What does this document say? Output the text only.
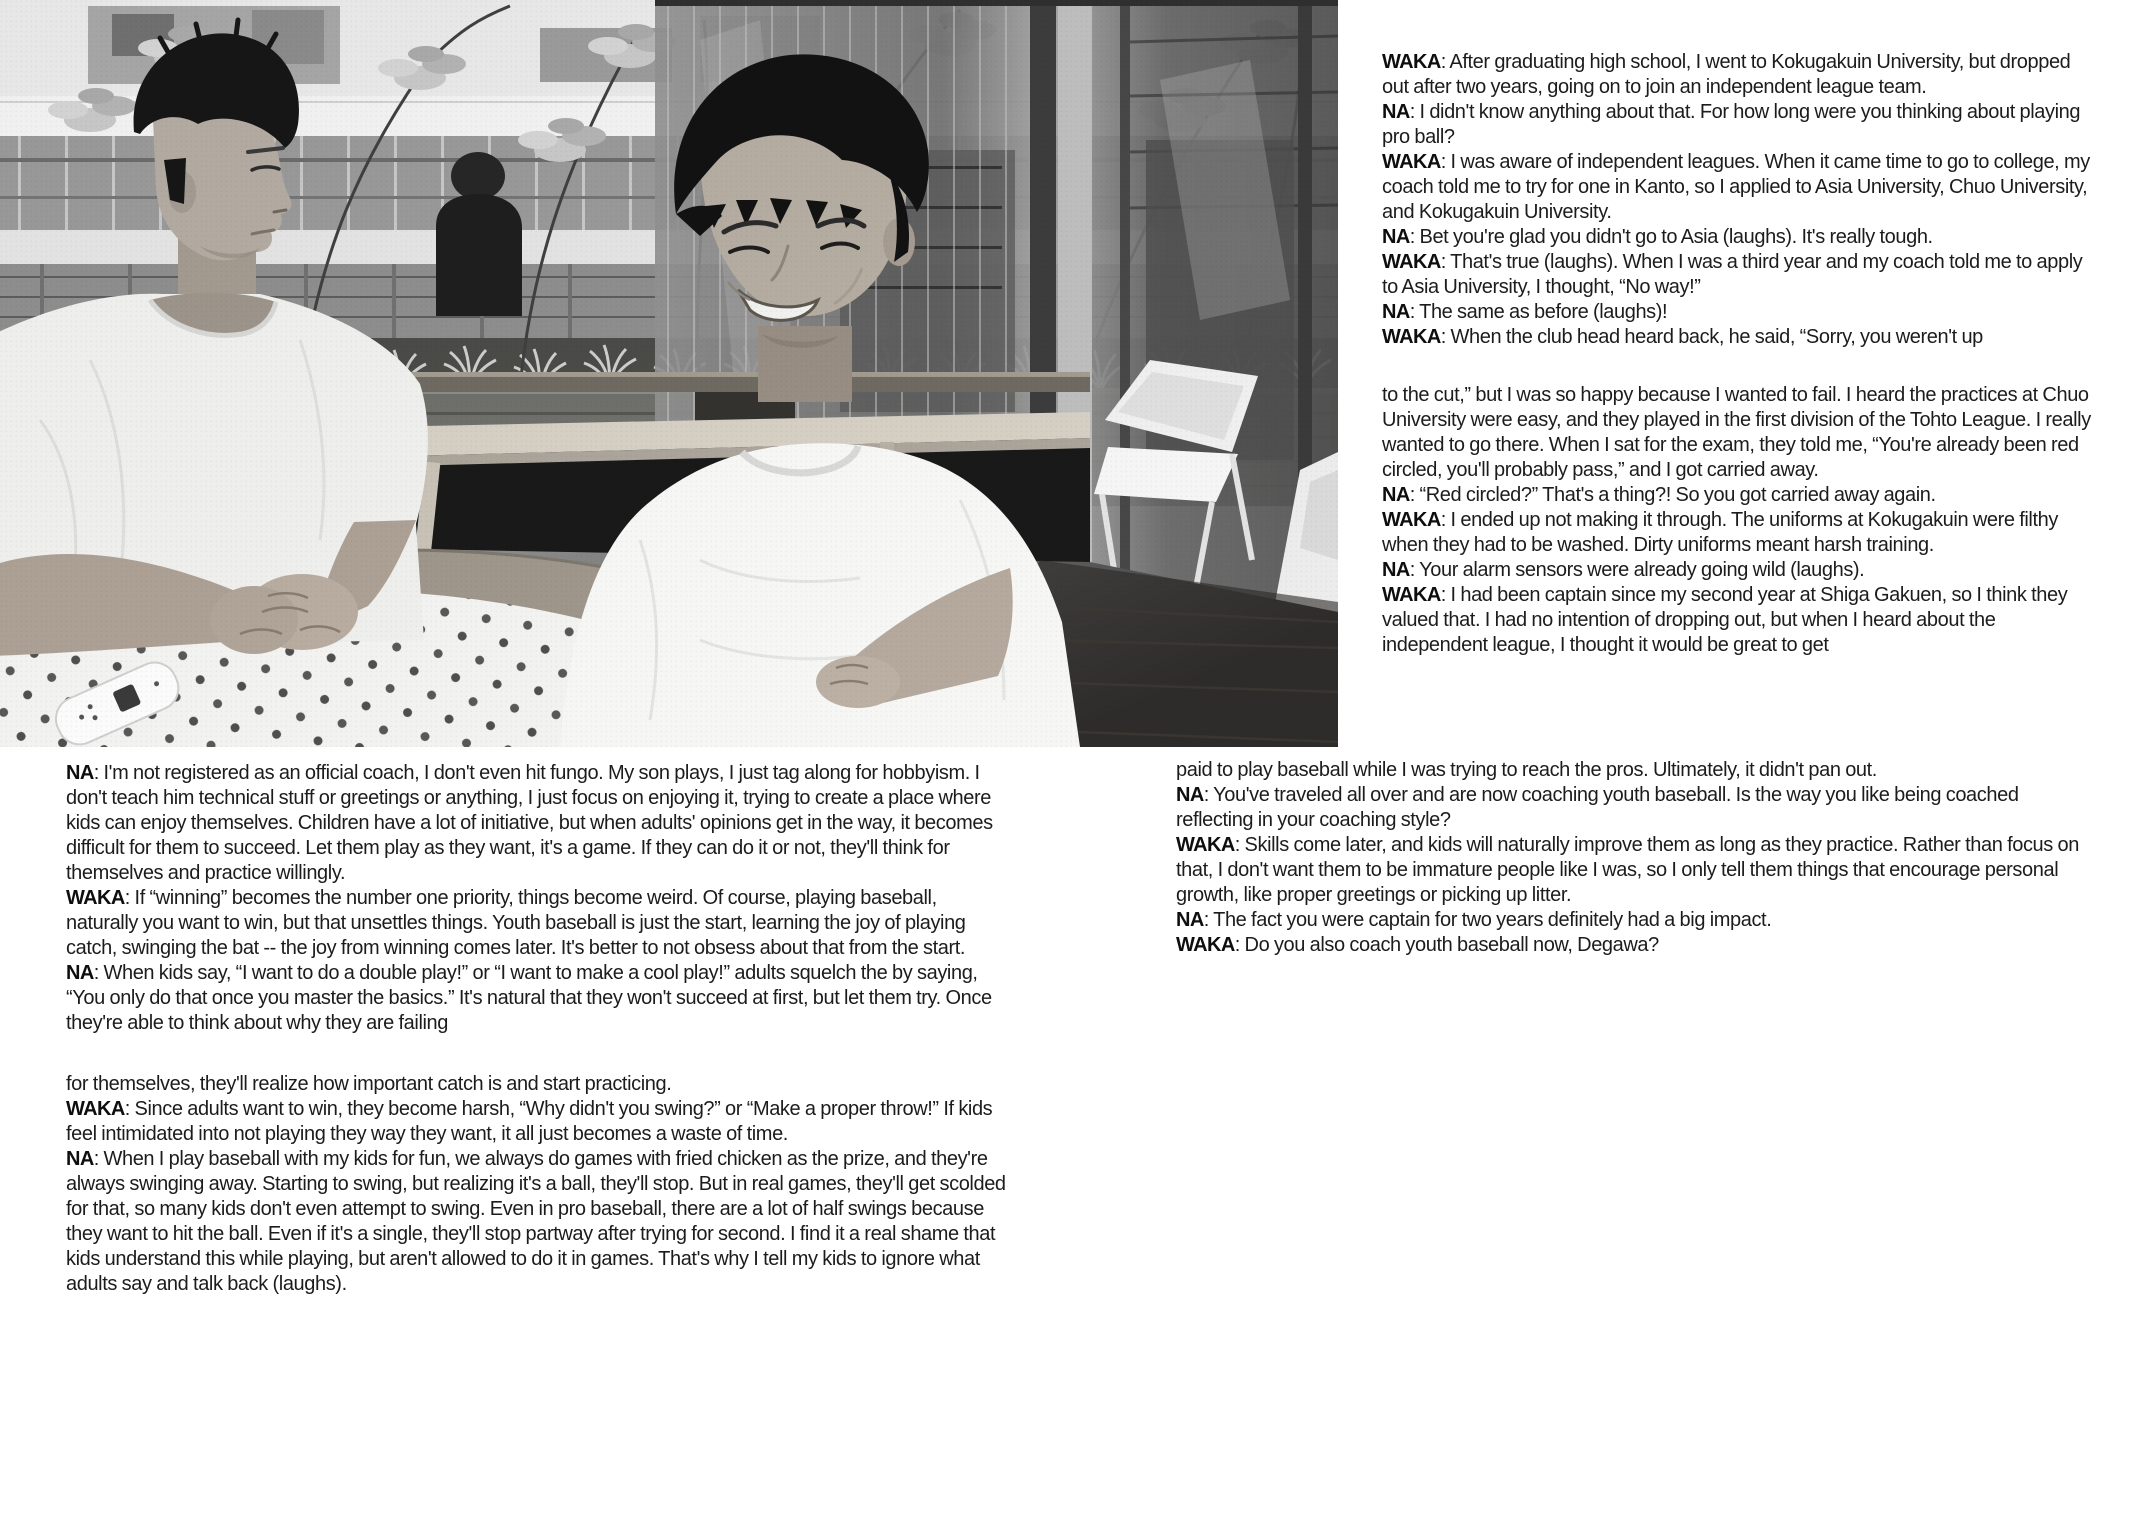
WAKA: After graduating high school, I went to Kokugakuin University, but dropped out after two years, going on to join an independent league team.

NA: I didn't know anything about that. For how long were you thinking about playing pro ball?

WAKA: I was aware of independent leagues. When it came time to go to college, my coach told me to try for one in Kanto, so I applied to Asia University, Chuo University, and Kokugakuin University.

NA: Bet you're glad you didn't go to Asia (laughs). It's really tough.

WAKA: That's true (laughs). When I was a third year and my coach told me to apply to Asia University, I thought, “No way!”

NA: The same as before (laughs)!

WAKA: When the club head heard back, he said, “Sorry, you weren't up

to the cut,” but I was so happy because I wanted to fail. I heard the practices at Chuo University were easy, and they played in the first division of the Tohto League. I really wanted to go there. When I sat for the exam, they told me, “You're already been red circled, you'll probably pass,” and I got carried away.

NA: “Red circled?” That's a thing?! So you got carried away again.

WAKA: I ended up not making it through. The uniforms at Kokugakuin were filthy when they had to be washed. Dirty uniforms meant harsh training.

NA: Your alarm sensors were already going wild (laughs).

WAKA: I had been captain since my second year at Shiga Gakuen, so I think they valued that. I had no intention of dropping out, but when I heard about the independent league, I thought it would be great to get

NA: I'm not registered as an official coach, I don't even hit fungo. My son plays, I just tag along for hobbyism. I don't teach him technical stuff or greetings or anything, I just focus on enjoying it, trying to create a place where kids can enjoy themselves. Children have a lot of initiative, but when adults' opinions get in the way, it becomes difficult for them to succeed. Let them play as they want, it's a game. If they can do it or not, they'll think for themselves and practice willingly.

WAKA: If “winning” becomes the number one priority, things become weird. Of course, playing baseball, naturally you want to win, but that unsettles things. Youth baseball is just the start, learning the joy of playing catch, swinging the bat -- the joy from winning comes later. It's better to not obsess about that from the start.

NA: When kids say, “I want to do a double play!” or “I want to make a cool play!” adults squelch the by saying, “You only do that once you master the basics.” It's natural that they won't succeed at first, but let them try. Once they're able to think about why they are failing

for themselves, they'll realize how important catch is and start practicing.

WAKA: Since adults want to win, they become harsh, “Why didn't you swing?” or “Make a proper throw!” If kids feel intimidated into not playing they way they want, it all just becomes a waste of time.

NA: When I play baseball with my kids for fun, we always do games with fried chicken as the prize, and they're always swinging away. Starting to swing, but realizing it's a ball, they'll stop. But in real games, they'll get scolded for that, so many kids don't even attempt to swing. Even in pro baseball, there are a lot of half swings because they want to hit the ball. Even if it's a single, they'll stop partway after trying for second. I find it a real shame that kids understand this while playing, but aren't allowed to do it in games. That's why I tell my kids to ignore what adults say and talk back (laughs).

paid to play baseball while I was trying to reach the pros. Ultimately, it didn't pan out.

NA: You've traveled all over and are now coaching youth baseball. Is the way you like being coached reflecting in your coaching style?

WAKA: Skills come later, and kids will naturally improve them as long as they practice. Rather than focus on that, I don't want them to be immature people like I was, so I only tell them things that encourage personal growth, like proper greetings or picking up litter.

NA: The fact you were captain for two years definitely had a big impact.

WAKA: Do you also coach youth baseball now, Degawa?
